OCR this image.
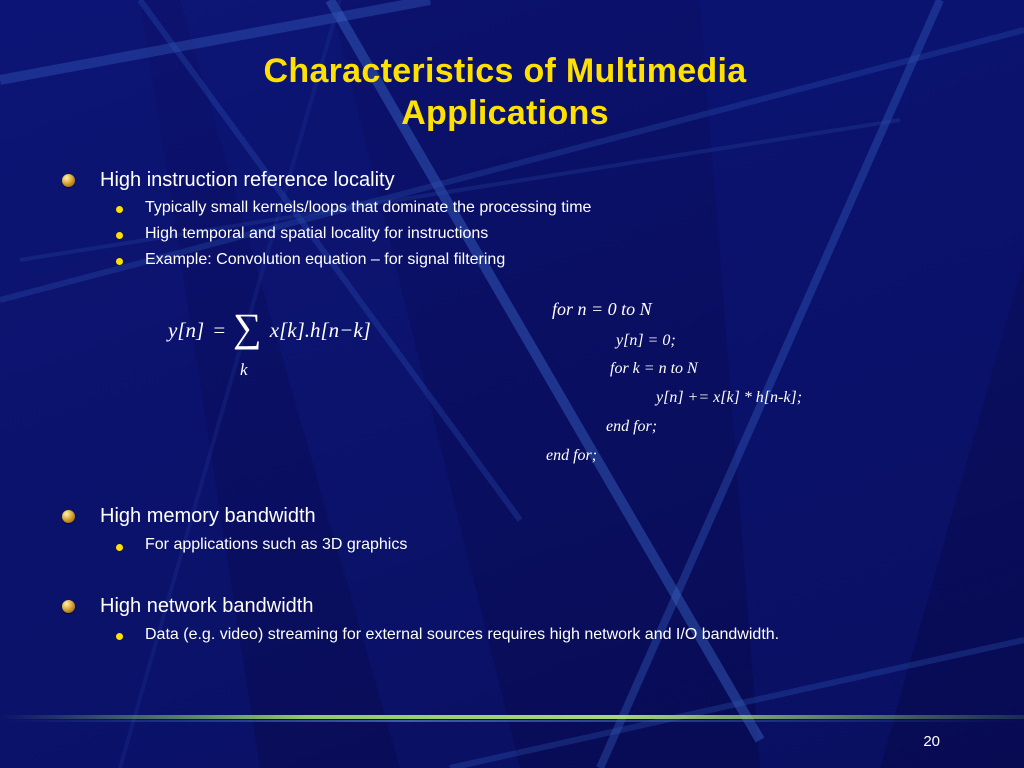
Characteristics of Multimedia
Applications
High instruction reference locality
Typically small kernels/loops that dominate the processing time
High temporal and spatial locality for instructions
Example: Convolution equation – for signal filtering
y[n] = x[k].h[n−k]
∑
k
for n = 0 to N
y[n] = 0;
for k = n to N
y[n] += x[k] * h[n-k];
end for;
end for;
High memory bandwidth
For applications such as 3D graphics
High network bandwidth
Data (e.g. video) streaming for external sources requires high network and I/O bandwidth.
20
